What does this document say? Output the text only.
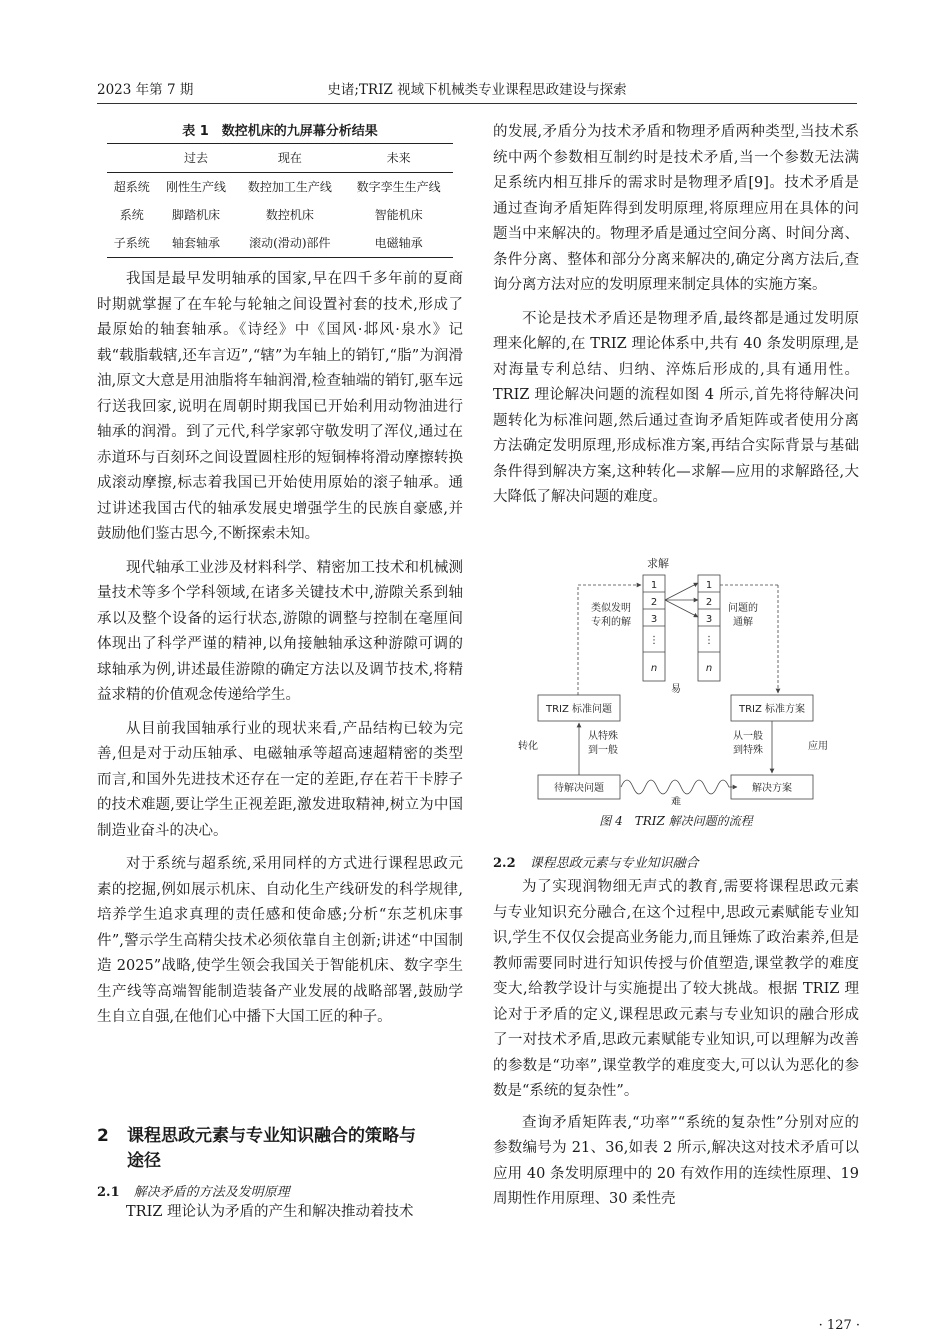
2023 年第 7 期	史诸;TRIZ 视域下机械类专业课程思政建设与探索
表 1　数控机床的九屏幕分析结果
	过去	现在	未来
超系统	刚性生产线	数控加工生产线	数字孪生生产线
系统	脚踏机床	数控机床	智能机床
子系统	轴套轴承	滚动(滑动)部件	电磁轴承

我国是最早发明轴承的国家,早在四千多年前的夏商时期就掌握了在车轮与轮轴之间设置衬套的技术,形成了最原始的轴套轴承。《诗经》中《国风·邶风·泉水》记载“载脂载辖,还车言迈”,“辖”为车轴上的销钉,“脂”为润滑油,原文大意是用油脂将车轴润滑,检查轴端的销钉,驱车远行送我回家,说明在周朝时期我国已开始利用动物油进行轴承的润滑。到了元代,科学家郭守敬发明了浑仪,通过在赤道环与百刻环之间设置圆柱形的短铜棒将滑动摩擦转换成滚动摩擦,标志着我国已开始使用原始的滚子轴承。通过讲述我国古代的轴承发展史增强学生的民族自豪感,并鼓励他们鉴古思今,不断探索未知。

现代轴承工业涉及材料科学、精密加工技术和机械测量技术等多个学科领域,在诸多关键技术中,游隙关系到轴承以及整个设备的运行状态,游隙的调整与控制在毫厘间体现出了科学严谨的精神,以角接触轴承这种游隙可调的球轴承为例,讲述最佳游隙的确定方法以及调节技术,将精益求精的价值观念传递给学生。

从目前我国轴承行业的现状来看,产品结构已较为完善,但是对于动压轴承、电磁轴承等超高速超精密的类型而言,和国外先进技术还存在一定的差距,存在若干卡脖子的技术难题,要让学生正视差距,激发进取精神,树立为中国制造业奋斗的决心。

对于系统与超系统,采用同样的方式进行课程思政元素的挖掘,例如展示机床、自动化生产线研发的科学规律,培养学生追求真理的责任感和使命感;分析“东芝机床事件”,警示学生高精尖技术必须依靠自主创新;讲述“中国制造 2025”战略,使学生领会我国关于智能机床、数字孪生生产线等高端智能制造装备产业发展的战略部署,鼓励学生自立自强,在他们心中播下大国工匠的种子。

2 课程思政元素与专业知识融合的策略与
途径
2.1 解决矛盾的方法及发明原理

TRIZ 理论认为矛盾的产生和解决推动着技术

的发展,矛盾分为技术矛盾和物理矛盾两种类型,当技术系统中两个参数相互制约时是技术矛盾,当一个参数无法满足系统内相互排斥的需求时是物理矛盾[9]。技术矛盾是通过查询矛盾矩阵得到发明原理,将原理应用在具体的问题当中来解决的。物理矛盾是通过空间分离、时间分离、条件分离、整体和部分分离来解决的,确定分离方法后,查询分离方法对应的发明原理来制定具体的实施方案。

不论是技术矛盾还是物理矛盾,最终都是通过发明原理来化解的,在 TRIZ 理论体系中,共有 40 条发明原理,是对海量专利总结、归纳、淬炼后形成的,具有通用性。TRIZ 理论解决问题的流程如图 4 所示,首先将待解决问题转化为标准问题,然后通过查询矛盾矩阵或者使用分离方法确定发明原理,形成标准方案,再结合实际背景与基础条件得到解决方案,这种转化—求解—应用的求解路径,大大降低了解决问题的难度。

求解
1
2
3
⋮
n
1
2
3
⋮
n
类似发明
专利的解
问题的
通解
易
TRIZ 标准问题	TRIZ 标准方案
转化
从特殊
到一般
从一般
到特殊	应用
待解决问题	解决方案
难
图 4　TRIZ 解决问题的流程
2.2 课程思政元素与专业知识融合

为了实现润物细无声式的教育,需要将课程思政元素与专业知识充分融合,在这个过程中,思政元素赋能专业知识,学生不仅仅会提高业务能力,而且锤炼了政治素养,但是教师需要同时进行知识传授与价值塑造,课堂教学的难度变大,给教学设计与实施提出了较大挑战。根据 TRIZ 理论对于矛盾的定义,课程思政元素与专业知识的融合形成了一对技术矛盾,思政元素赋能专业知识,可以理解为改善的参数是“功率”,课堂教学的难度变大,可以认为恶化的参数是“系统的复杂性”。

查询矛盾矩阵表,“功率”“系统的复杂性”分别对应的参数编号为 21、36,如表 2 所示,解决这对技术矛盾可以应用 40 条发明原理中的 20 有效作用的连续性原理、19 周期性作用原理、30 柔性壳

· 127 ·
